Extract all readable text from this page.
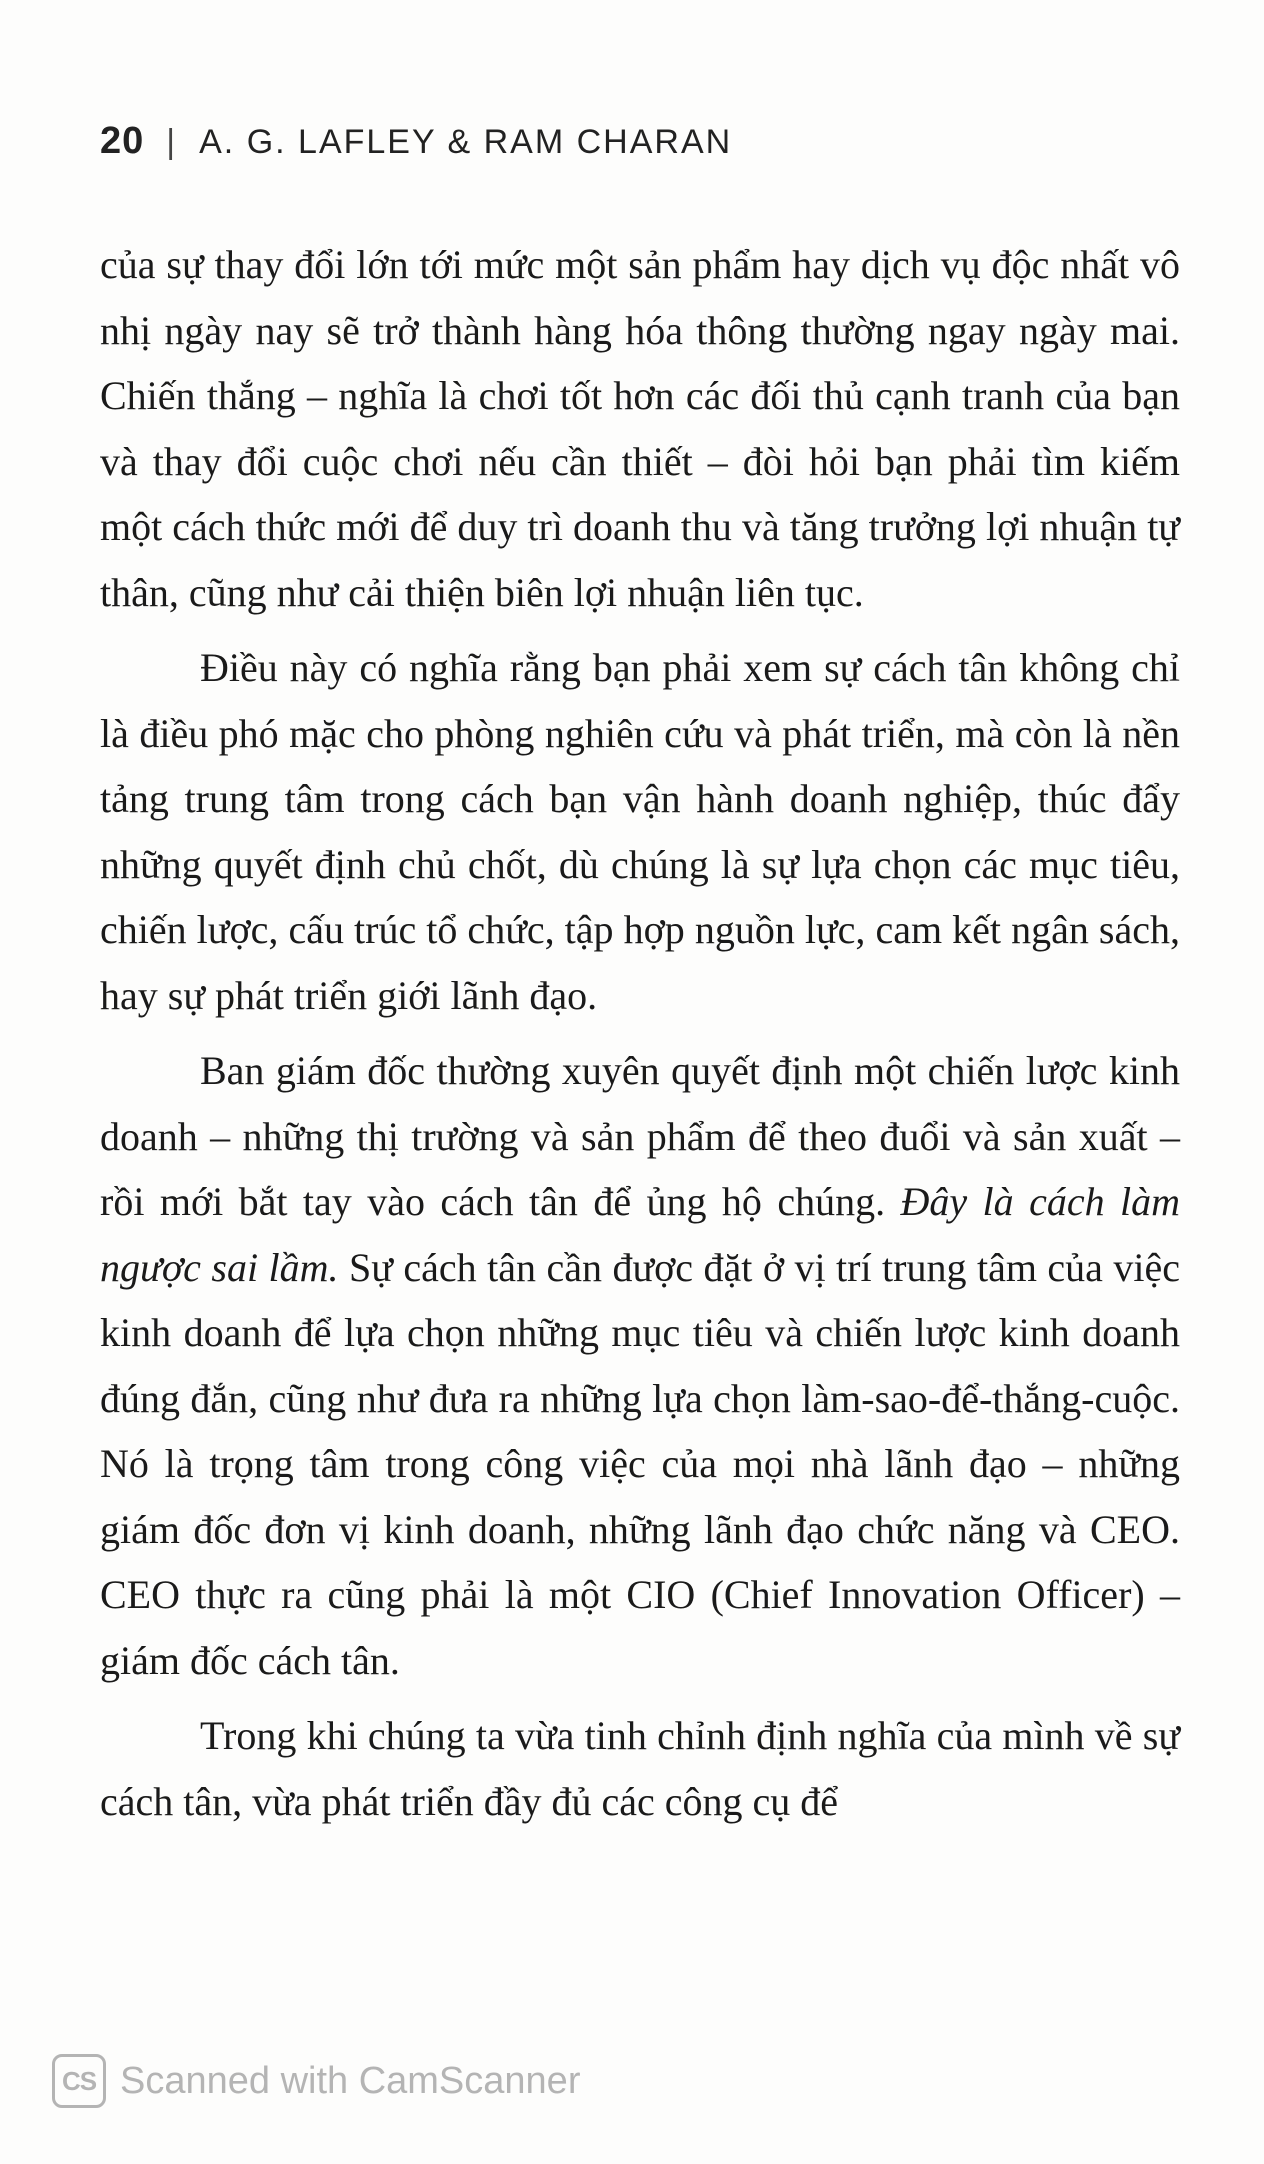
20 | A. G. LAFLEY & RAM CHARAN

của sự thay đổi lớn tới mức một sản phẩm hay dịch vụ độc nhất vô nhị ngày nay sẽ trở thành hàng hóa thông thường ngay ngày mai. Chiến thắng – nghĩa là chơi tốt hơn các đối thủ cạnh tranh của bạn và thay đổi cuộc chơi nếu cần thiết – đòi hỏi bạn phải tìm kiếm một cách thức mới để duy trì doanh thu và tăng trưởng lợi nhuận tự thân, cũng như cải thiện biên lợi nhuận liên tục.

Điều này có nghĩa rằng bạn phải xem sự cách tân không chỉ là điều phó mặc cho phòng nghiên cứu và phát triển, mà còn là nền tảng trung tâm trong cách bạn vận hành doanh nghiệp, thúc đẩy những quyết định chủ chốt, dù chúng là sự lựa chọn các mục tiêu, chiến lược, cấu trúc tổ chức, tập hợp nguồn lực, cam kết ngân sách, hay sự phát triển giới lãnh đạo.

Ban giám đốc thường xuyên quyết định một chiến lược kinh doanh – những thị trường và sản phẩm để theo đuổi và sản xuất – rồi mới bắt tay vào cách tân để ủng hộ chúng. Đây là cách làm ngược sai lầm. Sự cách tân cần được đặt ở vị trí trung tâm của việc kinh doanh để lựa chọn những mục tiêu và chiến lược kinh doanh đúng đắn, cũng như đưa ra những lựa chọn làm-sao-để-thắng-cuộc. Nó là trọng tâm trong công việc của mọi nhà lãnh đạo – những giám đốc đơn vị kinh doanh, những lãnh đạo chức năng và CEO. CEO thực ra cũng phải là một CIO (Chief Innovation Officer) – giám đốc cách tân.

Trong khi chúng ta vừa tinh chỉnh định nghĩa của mình về sự cách tân, vừa phát triển đầy đủ các công cụ để

CS Scanned with CamScanner
